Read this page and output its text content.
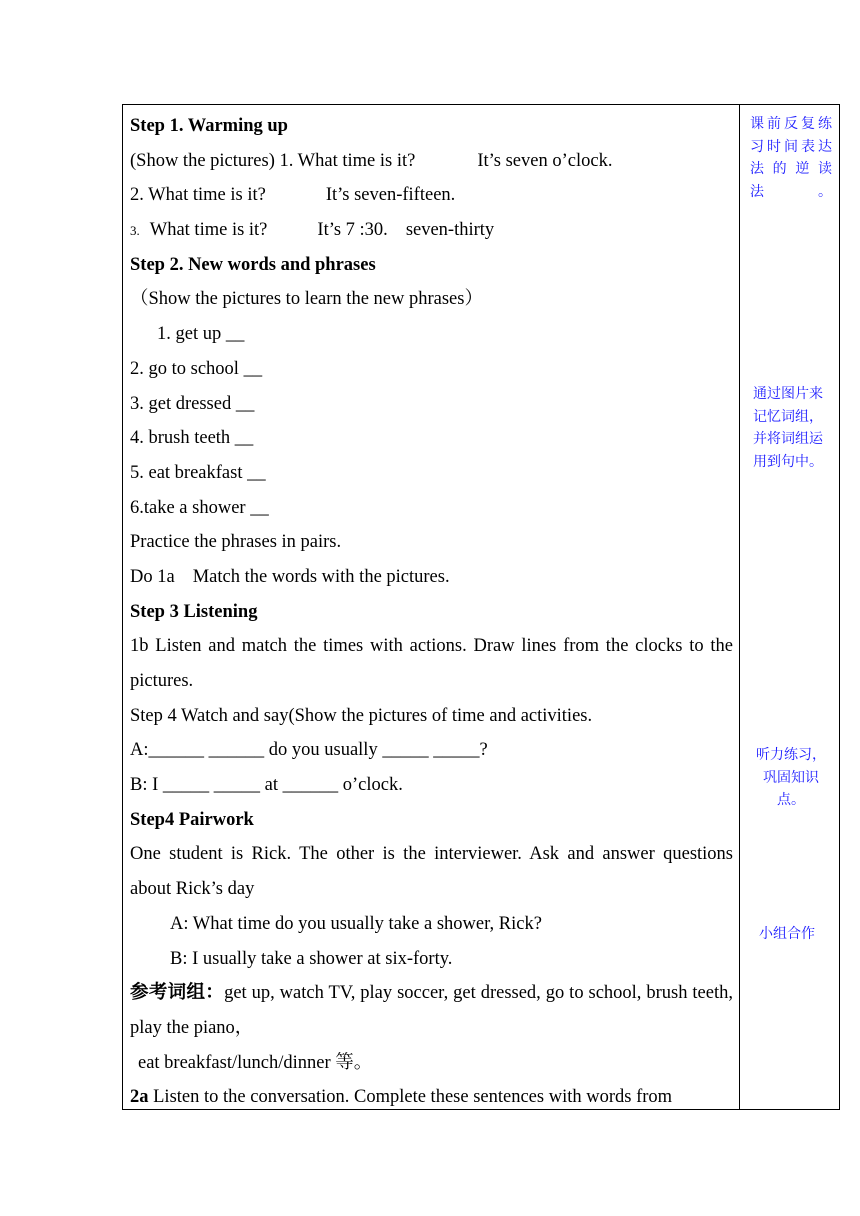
Step 1. Warming up
(Show the pictures) 1. What time is it?	It’s seven o’clock.
2. What time is it?	It’s seven-fifteen.
3. What time is it?	It’s 7 :30. seven-thirty
Step 2. New words and phrases
（Show the pictures to learn the new phrases）
1. get up __
2. go to school __
3. get dressed __
4. brush teeth __
5. eat breakfast __
6.take a shower __
Practice the phrases in pairs.
Do 1a Match the words with the pictures.
Step 3 Listening
1b Listen and match the times with actions. Draw lines from the clocks to the pictures.
Step 4 Watch and say(Show the pictures of time and activities.
A:______ ______ do you usually _____ _____?
B: I _____ _____ at ______ o’clock.
Step4 Pairwork
One student is Rick. The other is the interviewer. Ask and answer questions about Rick’s day
A: What time do you usually take a shower, Rick?
B: I usually take a shower at six-forty.
参考词组：get up, watch TV, play soccer, get dressed, go to school, brush teeth, play the piano，
eat breakfast/lunch/dinner 等。
2a Listen to the conversation. Complete these sentences with words from
课前反复练习时间表达法 的 逆 读法。
通过图片来记忆词组，并将词组运用到句中。
听力练习，巩固知识点。
小组合作
